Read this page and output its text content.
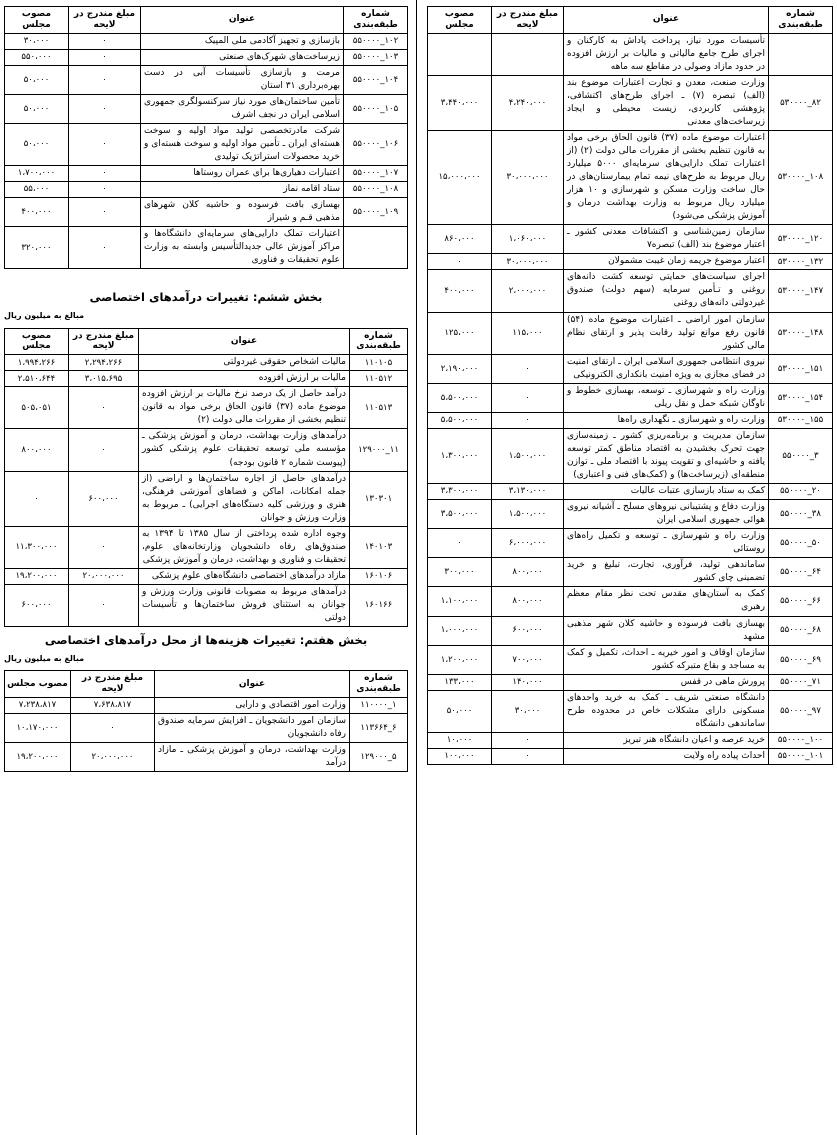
شماره طبقه‌بندی	عنوان	مبلغ مندرج در لایحه	مصوب مجلس
	تأسیسات مورد نیاز، پرداخت پاداش به کارکنان و اجرای طرح جامع مالیاتی و مالیات بر ارزش افزوده در حدود مازاد وصولی در مقاطع سه ماهه		
۵۳۰۰۰۰_۸۲	وزارت صنعت، معدن و تجارت اعتبارات موضوع بند (الف) تبصره (۷) ـ اجرای طرح‌های اکتشافی، پژوهشی کاربردی، زیست محیطی و ایجاد زیرساخت‌های معدنی	۴،۲۴۰،۰۰۰	۳،۴۴۰،۰۰۰
۵۳۰۰۰۰_۱۰۸	اعتبارات موضوع ماده (۳۷) قانون الحاق برخی مواد به قانون تنظیم بخشی از مقررات مالی دولت (۲) (از اعتبارات تملک دارایی‌های سرمایه‌ای ۵۰۰۰ میلیارد ریال مربوط به طرح‌های نیمه تمام بیمارستان‌های در حال ساخت وزارت مسکن و شهرسازی و ۱۰ هزار میلیارد ریال مربوط به وزارت بهداشت درمان و آموزش پزشکی می‌شود)	۳۰،۰۰۰،۰۰۰	۱۵،۰۰۰،۰۰۰
۵۳۰۰۰۰_۱۲۰	سازمان زمین‌شناسی و اکتشافات معدنی کشور ـ اعتبار موضوع بند (الف) تبصره۷	۱،۰۶۰،۰۰۰	۸۶۰،۰۰۰
۵۳۰۰۰۰_۱۳۲	اعتبار موضوع جریمه زمان غیبت مشمولان	۳۰،۰۰۰،۰۰۰	۰
۵۳۰۰۰۰_۱۴۷	اجرای سیاست‌های حمایتی توسعه کشت دانه‌های روغنی و تـأمین سرمایه (سهم دولت) صندوق غیردولتی دانه‌های روغنی	۲،۰۰۰،۰۰۰	۴۰۰،۰۰۰
۵۳۰۰۰۰_۱۴۸	سازمان امور اراضی ـ اعتبارات موضوع ماده (۵۴) قانون رفع موانع تولید رقابت پذیر و ارتقای نظام مالی کشور	۱۱۵،۰۰۰	۱۲۵،۰۰۰
۵۳۰۰۰۰_۱۵۱	نیروی انتظامی جمهوری اسلامی ایران ـ ارتقای امنیت در فضای مجازی به ویژه امنیت بانکداری الکترونیکی	۰	۲،۱۹۰،۰۰۰
۵۳۰۰۰۰_۱۵۴	وزارت راه و شهرسازی ـ توسعه، بهسازی خطوط و ناوگان شبکه حمل و نقل ریلی	۰	۵،۵۰۰،۰۰۰
۵۳۰۰۰۰_۱۵۵	وزارت راه و شهرسازی ـ نگهداری راه‌ها	۰	۵،۵۰۰،۰۰۰
۵۵۰۰۰۰_۳	سازمان مدیریت و برنامه‌ریزی کشور ـ زمینه‌سازی جهت تحرک بخشیدن به اقتصاد مناطق کمتر توسعه یافته و حاشیه‌ای و تقویت پیوند با اقتصاد ملی ـ توازن منطقه‌ای (زیرساخت‌ها) و (کمک‌های فنی و اعتباری)	۱،۵۰۰،۰۰۰	۱،۳۰۰،۰۰۰
۵۵۰۰۰۰_۲۰	کمک به ستاد بازسازی عتبات عالیات	۳،۱۳۰،۰۰۰	۳،۳۰۰،۰۰۰
۵۵۰۰۰۰_۳۸	وزارت دفاع و پشتیبانی نیروهای مسلح ـ آشیانه نیروی هوائی جمهوری اسلامی ایران	۱،۵۰۰،۰۰۰	۳،۵۰۰،۰۰۰
۵۵۰۰۰۰_۵۰	وزارت راه و شهرسازی ـ توسعه و تکمیل راه‌های روستائی	۶،۰۰۰،۰۰۰	۰
۵۵۰۰۰۰_۶۴	ساماندهی تولید، فرآوری، تجارت، تبلیغ و خرید تضمینی چای کشور	۸۰۰،۰۰۰	۳۰۰،۰۰۰
۵۵۰۰۰۰_۶۶	کمک به آستان‌های مقدس تحت نظر مقام معظم رهبری	۸۰۰،۰۰۰	۱،۱۰۰،۰۰۰
۵۵۰۰۰۰_۶۸	بهسازی بافت فرسوده و حاشیه کلان شهر مذهبی مشهد	۶۰۰،۰۰۰	۱،۰۰۰،۰۰۰
۵۵۰۰۰۰_۶۹	سازمان اوقاف و امور خیریه ـ احداث، تکمیل و کمک به مساجد و بقاع متبرکه کشور	۷۰۰،۰۰۰	۱،۲۰۰،۰۰۰
۵۵۰۰۰۰_۷۱	پرورش ماهی در قفس	۱۴۰،۰۰۰	۱۳۳،۰۰۰
۵۵۰۰۰۰_۹۷	دانشگاه صنعتی شریف ـ کمک به خرید واحدهای مسکونی دارای مشکلات خاص در محدوده طرح ساماندهی دانشگاه	۳۰،۰۰۰	۵۰،۰۰۰
۵۵۰۰۰۰_۱۰۰	خرید عرصه و اعیان دانشگاه هنر تبریز	۰	۱۰،۰۰۰
۵۵۰۰۰۰_۱۰۱	احداث پیاده راه ولایت	۰	۱۰۰،۰۰۰
شماره طبقه‌بندی	عنوان	مبلغ مندرج در لایحه	مصوب مجلس
۵۵۰۰۰۰_۱۰۲	بازسازی و تجهیز آکادمی ملی المپیک	۰	۳۰،۰۰۰
۵۵۰۰۰۰_۱۰۳	زیرساخت‌های شهرک‌های صنعتی	۰	۵۵۰،۰۰۰
۵۵۰۰۰۰_۱۰۴	مرمت و بازسازی تأسیسات آبی در دست بهره‌برداری ۳۱ استان	۰	۵۰،۰۰۰
۵۵۰۰۰۰_۱۰۵	تأمین ساختمان‌های مورد نیاز سرکنسولگری جمهوری اسلامی ایران در نجف اشرف	۰	۵۰،۰۰۰
۵۵۰۰۰۰_۱۰۶	شرکت مادرتخصصی تولید مواد اولیه و سوخت هسته‌ای ایران ـ تأمین مواد اولیه و سوخت هسته‌ای و خرید محصولات استراتژیک تولیدی	۰	۵۰،۰۰۰
۵۵۰۰۰۰_۱۰۷	اعتبارات دهیاری‌ها برای عمران روستاها	۰	۱،۷۰۰،۰۰۰
۵۵۰۰۰۰_۱۰۸	ستاد اقامه نماز	۰	۵۵،۰۰۰
۵۵۰۰۰۰_۱۰۹	بهسازی بافت فرسوده و حاشیه کلان شهرهای مذهبی قـم و شیراز	۰	۴۰۰،۰۰۰
	اعتبارات تملک دارایی‌های سرمایه‌ای دانشگاه‌ها و مراکز آموزش عالی جدیدالتأسیس وابسته به وزارت علوم تحقیقات و فناوری	۰	۳۲۰،۰۰۰
بخش ششم: تغییرات درآمدهای اختصاصی
مبالغ به میلیون ریال
شماره طبقه‌بندی	عنوان	مبلغ مندرج در لایحه	مصوب مجلس
۱۱۰۱۰۵	مالیات اشخاص حقوقی غیردولتی	۲،۲۹۴،۲۶۶	۱،۹۹۴،۲۶۶
۱۱۰۵۱۲	مالیات بر ارزش افزوده	۳،۰۱۵،۶۹۵	۲،۵۱۰،۶۴۴
۱۱۰۵۱۳	درآمد حاصل از یک درصد نرخ مالیات بر ارزش افزوده موضوع ماده (۳۷) قانون الحاق برخی مواد به قانون تنظیم بخشی از مقررات مالی دولت (۲)	۰	۵۰۵،۰۵۱
۱۲۹۰۰۰_۱۱	درآمدهای وزارت بهداشت، درمان و آموزش پزشکی ـ مؤسسه ملی توسعه تحقیقات علوم پزشکی کشور (پیوست شماره ۲ قانون بودجه)	۰	۸۰۰،۰۰۰
۱۳۰۳۰۱	درآمدهای حاصل از اجاره ساختمان‌ها و اراضی (از جمله امکانات، اماکن و فضاهای آموزشی فرهنگی، هنری و ورزشی کلیه دستگاه‌های اجرایی) ـ مربوط به وزارت ورزش و جوانان	۶۰۰،۰۰۰	۰
۱۴۰۱۰۳	وجوه اداره شده پرداختی از سال ۱۳۸۵ تا ۱۳۹۴ به صندوق‌های رفاه دانشجویان وزارتخانه‌های علوم، تحقیقات و فناوری و بهداشت، درمان و آموزش پزشکی	۰	۱۱،۳۰۰،۰۰۰
۱۶۰۱۰۶	مازاد درآمدهای اختصاصی دانشگاه‌های علوم پزشکی	۲۰،۰۰۰،۰۰۰	۱۹،۲۰۰،۰۰۰
۱۶۰۱۶۶	درآمدهای مربوط به مصوبات قانونی وزارت ورزش و جوانان به استثنای فروش ساختمان‌ها و تأسیسات دولتی	۰	۶۰۰،۰۰۰
بخش هفتم: تغییرات هزینه‌ها از محل درآمدهای اختصاصی
مبالغ به میلیون ریال
شماره طبقه‌بندی	عنوان	مبلغ مندرج در لایحه	مصوب مجلس
۱۱۰۰۰۰_۱	وزارت امور اقتصادی و دارایی	۷،۶۳۸،۸۱۷	۷،۲۳۸،۸۱۷
۱۱۳۶۶۴_۶	سازمان امور دانشجویان ـ افزایش سرمایه صندوق رفاه دانشجویان	۰	۱۰،۱۷۰،۰۰۰
۱۲۹۰۰۰_۵	وزارت بهداشت، درمان و آموزش پزشکی ـ مازاد درآمد	۲۰،۰۰۰،۰۰۰	۱۹،۲۰۰،۰۰۰
